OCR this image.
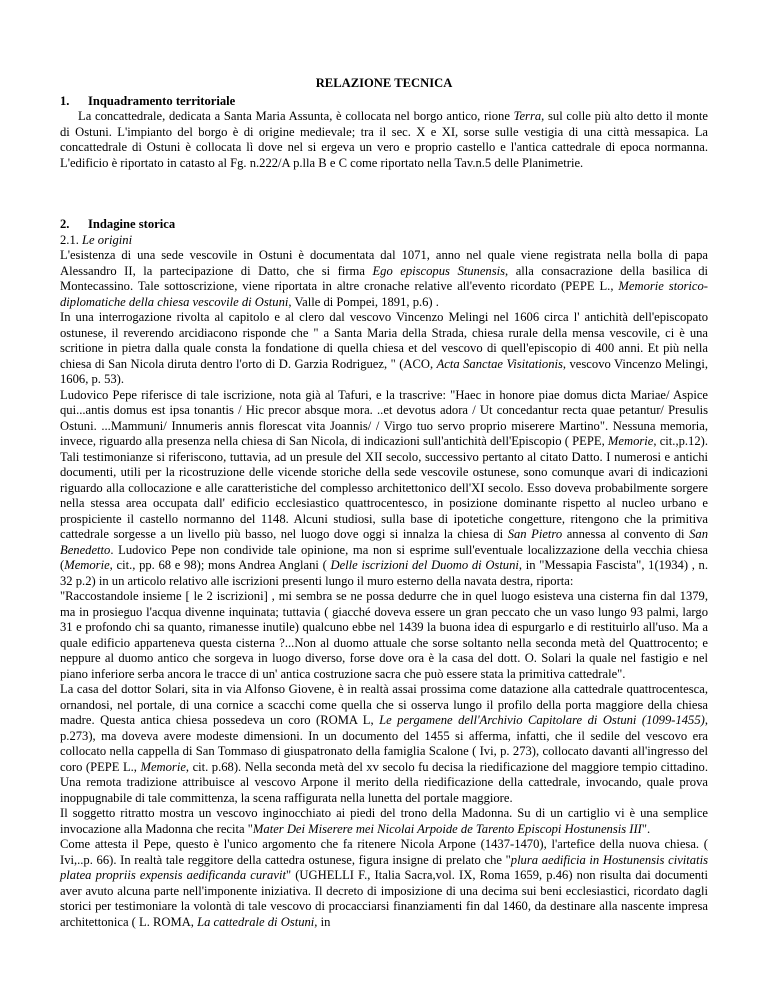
RELAZIONE TECNICA
1. Inquadramento territoriale

La concattedrale, dedicata a Santa Maria Assunta, è collocata nel borgo antico, rione Terra, sul colle più alto detto il monte di Ostuni. L'impianto del borgo è di origine medievale; tra il sec. X e XI, sorse sulle vestigia di una città messapica. La concattedrale di Ostuni è collocata lì dove nel si ergeva un vero e proprio castello e l'antica cattedrale di epoca normanna. L'edificio è riportato in catasto al Fg. n.222/A p.lla B e C come riportato nella Tav.n.5 delle Planimetrie.

2. Indagine storica
2.1. Le origini

L'esistenza di una sede vescovile in Ostuni è documentata dal 1071, anno nel quale viene registrata nella bolla di papa Alessandro II, la partecipazione di Datto, che si firma Ego episcopus Stunensis, alla consacrazione della basilica di Montecassino. Tale sottoscrizione, viene riportata in altre cronache relative all'evento ricordato (PEPE L., Memorie storico-diplomatiche della chiesa vescovile di Ostuni, Valle di Pompei, 1891, p.6) .

In una interrogazione rivolta al capitolo e al clero dal vescovo Vincenzo Melingi nel 1606 circa l' antichità dell'episcopato ostunese, il reverendo arcidiacono risponde che " a Santa Maria della Strada, chiesa rurale della mensa vescovile, ci è una scritione in pietra dalla quale consta la fondatione di quella chiesa et del vescovo di quell'episcopio di 400 anni. Et più nella chiesa di San Nicola diruta dentro l'orto di D. Garzia Rodriguez, " (ACO, Acta Sanctae Visitationis, vescovo Vincenzo Melingi, 1606, p. 53).

Ludovico Pepe riferisce di tale iscrizione, nota già al Tafuri, e la trascrive: "Haec in honore piae domus dicta Mariae/ Aspice qui...antis domus est ipsa tonantis / Hic precor absque mora. ..et devotus adora / Ut concedantur recta quae petantur/ Presulis Ostuni. ...Mammuni/ Innumeris annis florescat vita Joannis/ / Virgo tuo servo proprio miserere Martino". Nessuna memoria, invece, riguardo alla presenza nella chiesa di San Nicola, di indicazioni sull'antichità dell'Episcopio ( PEPE, Memorie, cit.,p.12). Tali testimonianze si riferiscono, tuttavia, ad un presule del XII secolo, successivo pertanto al citato Datto. I numerosi e antichi documenti, utili per la ricostruzione delle vicende storiche della sede vescovile ostunese, sono comunque avari di indicazioni riguardo alla collocazione e alle caratteristiche del complesso architettonico dell'XI secolo. Esso doveva probabilmente sorgere nella stessa area occupata dall' edificio ecclesiastico quattrocentesco, in posizione dominante rispetto al nucleo urbano e prospiciente il castello normanno del 1148. Alcuni studiosi, sulla base di ipotetiche congetture, ritengono che la primitiva cattedrale sorgesse a un livello più basso, nel luogo dove oggi si innalza la chiesa di San Pietro annessa al convento di San Benedetto. Ludovico Pepe non condivide tale opinione, ma non si esprime sull'eventuale localizzazione della vecchia chiesa (Memorie, cit., pp. 68 e 98); mons Andrea Anglani ( Delle iscrizioni del Duomo di Ostuni, in "Messapia Fascista", 1(1934) , n. 32 p.2) in un articolo relativo alle iscrizioni presenti lungo il muro esterno della navata destra, riporta:

"Raccostandole insieme [ le 2 iscrizioni] , mi sembra se ne possa dedurre che in quel luogo esisteva una cisterna fin dal 1379, ma in prosieguo l'acqua divenne inquinata; tuttavia ( giacché doveva essere un gran peccato che un vaso lungo 93 palmi, largo 31 e profondo chi sa quanto, rimanesse inutile) qualcuno ebbe nel 1439 la buona idea di espurgarlo e di restituirlo all'uso. Ma a quale edificio apparteneva questa cisterna ?...Non al duomo attuale che sorse soltanto nella seconda metà del Quattrocento; e neppure al duomo antico che sorgeva in luogo diverso, forse dove ora è la casa del dott. O. Solari la quale nel fastigio e nel piano inferiore serba ancora le tracce di un' antica costruzione sacra che può essere stata la primitiva cattedrale".

La casa del dottor Solari, sita in via Alfonso Giovene, è in realtà assai prossima come datazione alla cattedrale quattrocentesca, ornandosi, nel portale, di una cornice a scacchi come quella che si osserva lungo il profilo della porta maggiore della chiesa madre. Questa antica chiesa possedeva un coro (ROMA L, Le pergamene dell'Archivio Capitolare di Ostuni (1099-1455), p.273), ma doveva avere modeste dimensioni. In un documento del 1455 si afferma, infatti, che il sedile del vescovo era collocato nella cappella di San Tommaso di giuspatronato della famiglia Scalone ( Ivi, p. 273), collocato davanti all'ingresso del coro (PEPE L., Memorie, cit. p.68). Nella seconda metà del xv secolo fu decisa la riedificazione del maggiore tempio cittadino. Una remota tradizione attribuisce al vescovo Arpone il merito della riedificazione della cattedrale, invocando, quale prova inoppugnabile di tale committenza, la scena raffigurata nella lunetta del portale maggiore.

Il soggetto ritratto mostra un vescovo inginocchiato ai piedi del trono della Madonna. Su di un cartiglio vi è una semplice invocazione alla Madonna che recita "Mater Dei Miserere mei Nicolai Arpoide de Tarento Episcopi Hostunensis III".

Come attesta il Pepe, questo è l'unico argomento che fa ritenere Nicola Arpone (1437-1470), l'artefice della nuova chiesa. ( Ivi,..p. 66). In realtà tale reggitore della cattedra ostunese, figura insigne di prelato che "plura aedificia in Hostunensis civitatis platea propriis expensis aedificanda curavit" (UGHELLI F., Italia Sacra,vol. IX, Roma 1659, p.46) non risulta dai documenti aver avuto alcuna parte nell'imponente iniziativa. Il decreto di imposizione di una decima sui beni ecclesiastici, ricordato dagli storici per testimoniare la volontà di tale vescovo di procacciarsi finanziamenti fin dal 1460, da destinare alla nascente impresa architettonica ( L. ROMA, La cattedrale di Ostuni, in
